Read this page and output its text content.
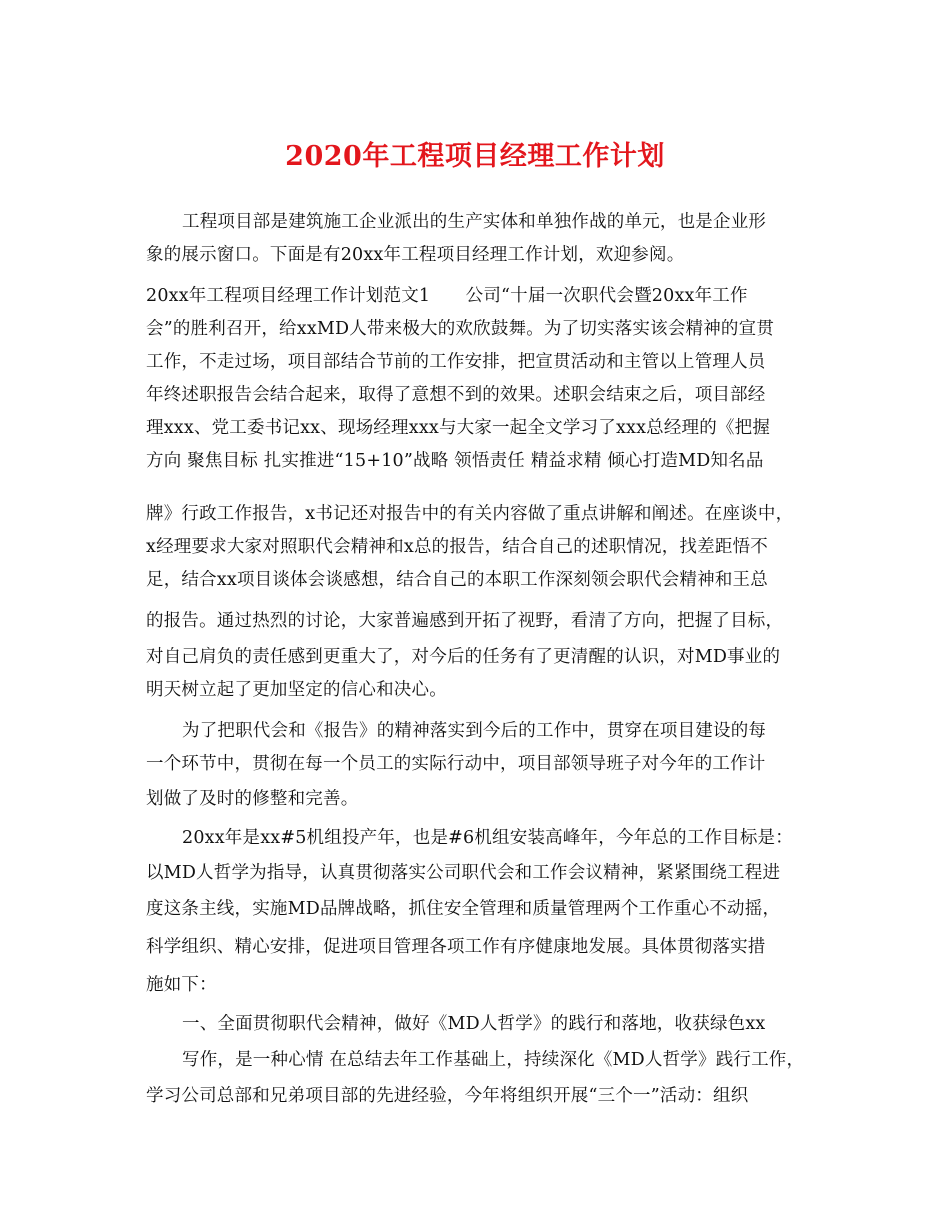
2020年工程项目经理工作计划
工程项目部是建筑施工企业派出的生产实体和单独作战的单元，也是企业形
象的展示窗口。下面是有20xx年工程项目经理工作计划，欢迎参阅。
20xx年工程项目经理工作计划范文1　　公司“十届一次职代会暨20xx年工作
会”的胜利召开，给xxMD人带来极大的欢欣鼓舞。为了切实落实该会精神的宣贯
工作，不走过场，项目部结合节前的工作安排，把宣贯活动和主管以上管理人员
年终述职报告会结合起来，取得了意想不到的效果。述职会结束之后，项目部经
理xxx、党工委书记xx、现场经理xxx与大家一起全文学习了xxx总经理的《把握
方向 聚焦目标 扎实推进“15+10”战略 领悟责任 精益求精 倾心打造MD知名品
牌》行政工作报告，x书记还对报告中的有关内容做了重点讲解和阐述。在座谈中，
x经理要求大家对照职代会精神和x总的报告，结合自己的述职情况，找差距悟不
足，结合xx项目谈体会谈感想，结合自己的本职工作深刻领会职代会精神和王总
的报告。通过热烈的讨论，大家普遍感到开拓了视野，看清了方向，把握了目标，
对自己肩负的责任感到更重大了，对今后的任务有了更清醒的认识，对MD事业的
明天树立起了更加坚定的信心和决心。
为了把职代会和《报告》的精神落实到今后的工作中，贯穿在项目建设的每
一个环节中，贯彻在每一个员工的实际行动中，项目部领导班子对今年的工作计
划做了及时的修整和完善。
20xx年是xx#5机组投产年，也是#6机组安装高峰年，今年总的工作目标是：
以MD人哲学为指导，认真贯彻落实公司职代会和工作会议精神，紧紧围绕工程进
度这条主线，实施MD品牌战略，抓住安全管理和质量管理两个工作重心不动摇，
科学组织、精心安排，促进项目管理各项工作有序健康地发展。具体贯彻落实措
施如下：
一、全面贯彻职代会精神，做好《MD人哲学》的践行和落地，收获绿色xx
写作，是一种心情 在总结去年工作基础上，持续深化《MD人哲学》践行工作，
学习公司总部和兄弟项目部的先进经验，今年将组织开展“三个一”活动：组织
